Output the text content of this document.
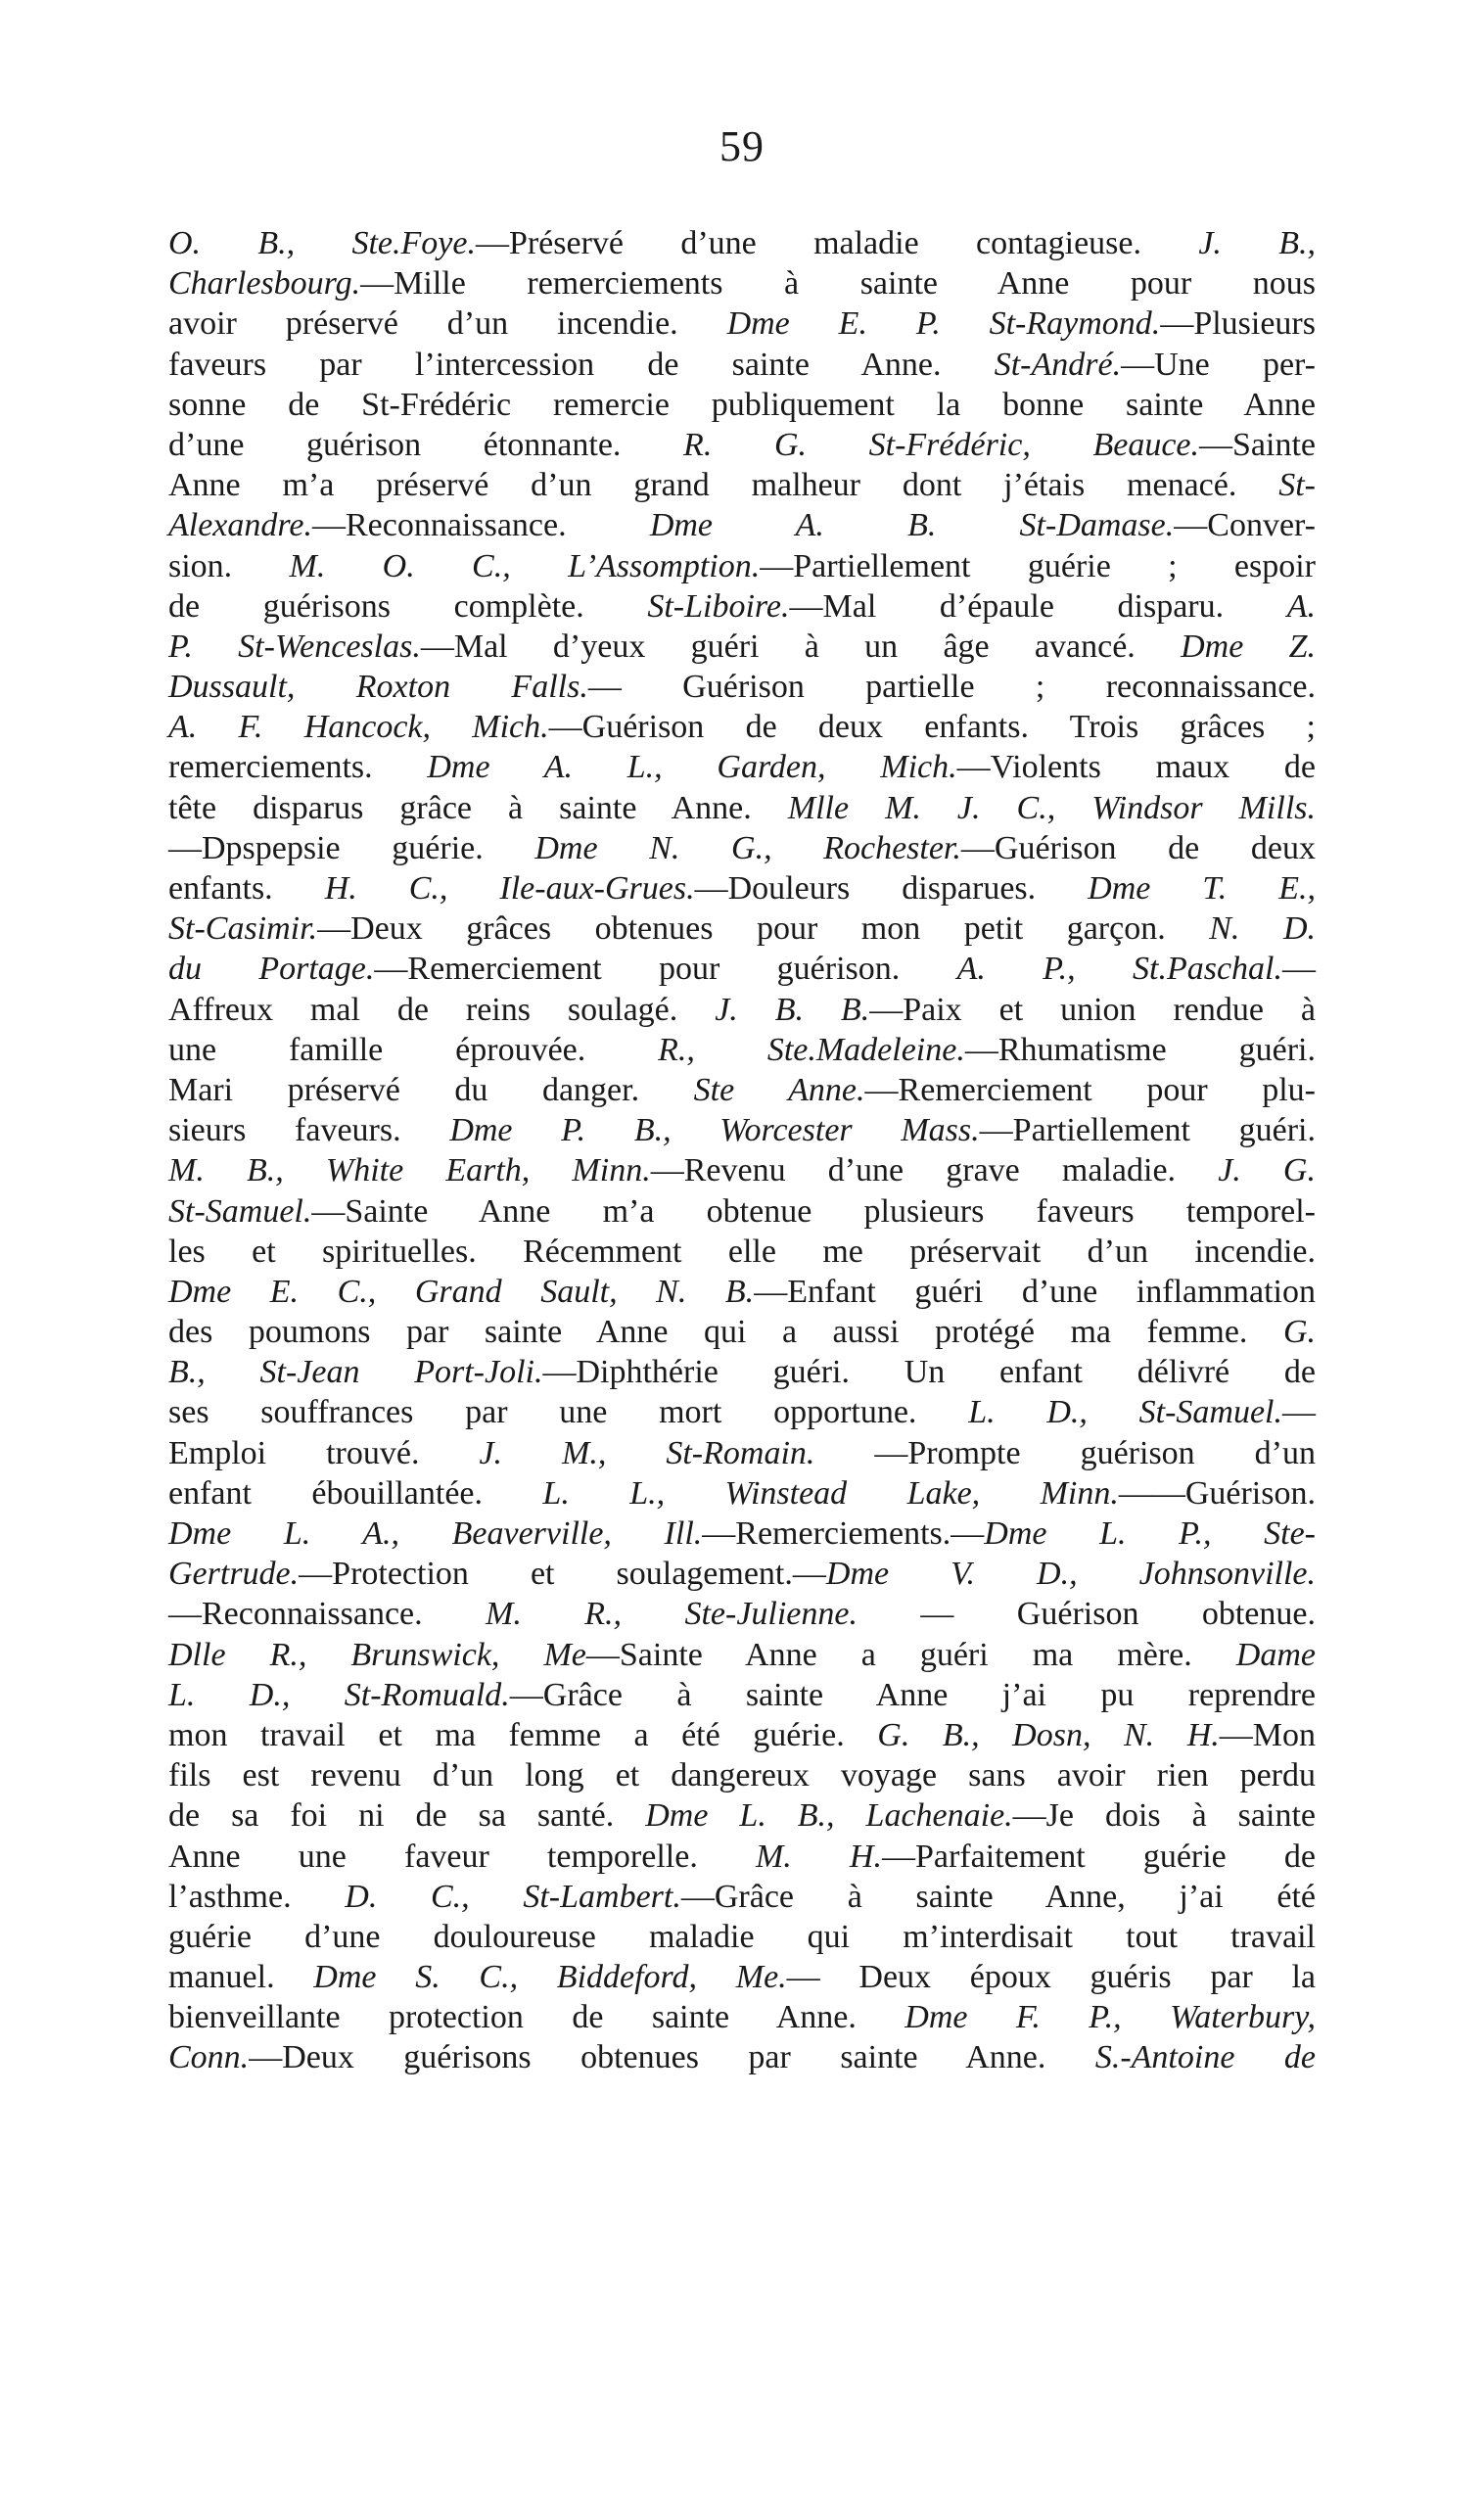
59
O. B., Ste.Foye.—Préservé d’une maladie contagieuse. J. B.,
Charlesbourg.—Mille remerciements à sainte Anne pour nous
avoir préservé d’un incendie. Dme E. P. St-Raymond.—Plusieurs
faveurs par l’intercession de sainte Anne. St-André.—Une per-
sonne de St-Frédéric remercie publiquement la bonne sainte Anne
d’une guérison étonnante. R. G. St-Frédéric, Beauce.—Sainte
Anne m’a préservé d’un grand malheur dont j’étais menacé. St-
Alexandre.—Reconnaissance. Dme A. B. St-Damase.—Conver-
sion. M. O. C., L’Assomption.—Partiellement guérie ; espoir
de guérisons complète. St-Liboire.—Mal d’épaule disparu. A.
P. St-Wenceslas.—Mal d’yeux guéri à un âge avancé. Dme Z.
Dussault, Roxton Falls.— Guérison partielle ; reconnaissance.
A. F. Hancock, Mich.—Guérison de deux enfants. Trois grâces ;
remerciements. Dme A. L., Garden, Mich.—Violents maux de
tête disparus grâce à sainte Anne. Mlle M. J. C., Windsor Mills.
—Dpspepsie guérie. Dme N. G., Rochester.—Guérison de deux
enfants. H. C., Ile-aux-Grues.—Douleurs disparues. Dme T. E.,
St-Casimir.—Deux grâces obtenues pour mon petit garçon. N. D.
du Portage.—Remerciement pour guérison. A. P., St.Paschal.—
Affreux mal de reins soulagé. J. B. B.—Paix et union rendue à
une famille éprouvée. R., Ste.Madeleine.—Rhumatisme guéri.
Mari préservé du danger. Ste Anne.—Remerciement pour plu-
sieurs faveurs. Dme P. B., Worcester Mass.—Partiellement guéri.
M. B., White Earth, Minn.—Revenu d’une grave maladie. J. G.
St-Samuel.—Sainte Anne m’a obtenue plusieurs faveurs temporel-
les et spirituelles. Récemment elle me préservait d’un incendie.
Dme E. C., Grand Sault, N. B.—Enfant guéri d’une inflammation
des poumons par sainte Anne qui a aussi protégé ma femme. G.
B., St-Jean Port-Joli.—Diphthérie guéri. Un enfant délivré de
ses souffrances par une mort opportune. L. D., St-Samuel.—
Emploi trouvé. J. M., St-Romain. —Prompte guérison d’un
enfant ébouillantée. L. L., Winstead Lake, Minn.——Guérison.
Dme L. A., Beaverville, Ill.—Remerciements.—Dme L. P., Ste-
Gertrude.—Protection et soulagement.—Dme V. D., Johnsonville.
—Reconnaissance. M. R., Ste-Julienne. — Guérison obtenue.
Dlle R., Brunswick, Me—Sainte Anne a guéri ma mère. Dame
L. D., St-Romuald.—Grâce à sainte Anne j’ai pu reprendre
mon travail et ma femme a été guérie. G. B., Dosn, N. H.—Mon
fils est revenu d’un long et dangereux voyage sans avoir rien perdu
de sa foi ni de sa santé. Dme L. B., Lachenaie.—Je dois à sainte
Anne une faveur temporelle. M. H.—Parfaitement guérie de
l’asthme. D. C., St-Lambert.—Grâce à sainte Anne, j’ai été
guérie d’une douloureuse maladie qui m’interdisait tout travail
manuel. Dme S. C., Biddeford, Me.— Deux époux guéris par la
bienveillante protection de sainte Anne. Dme F. P., Waterbury,
Conn.—Deux guérisons obtenues par sainte Anne. S.-Antoine de
